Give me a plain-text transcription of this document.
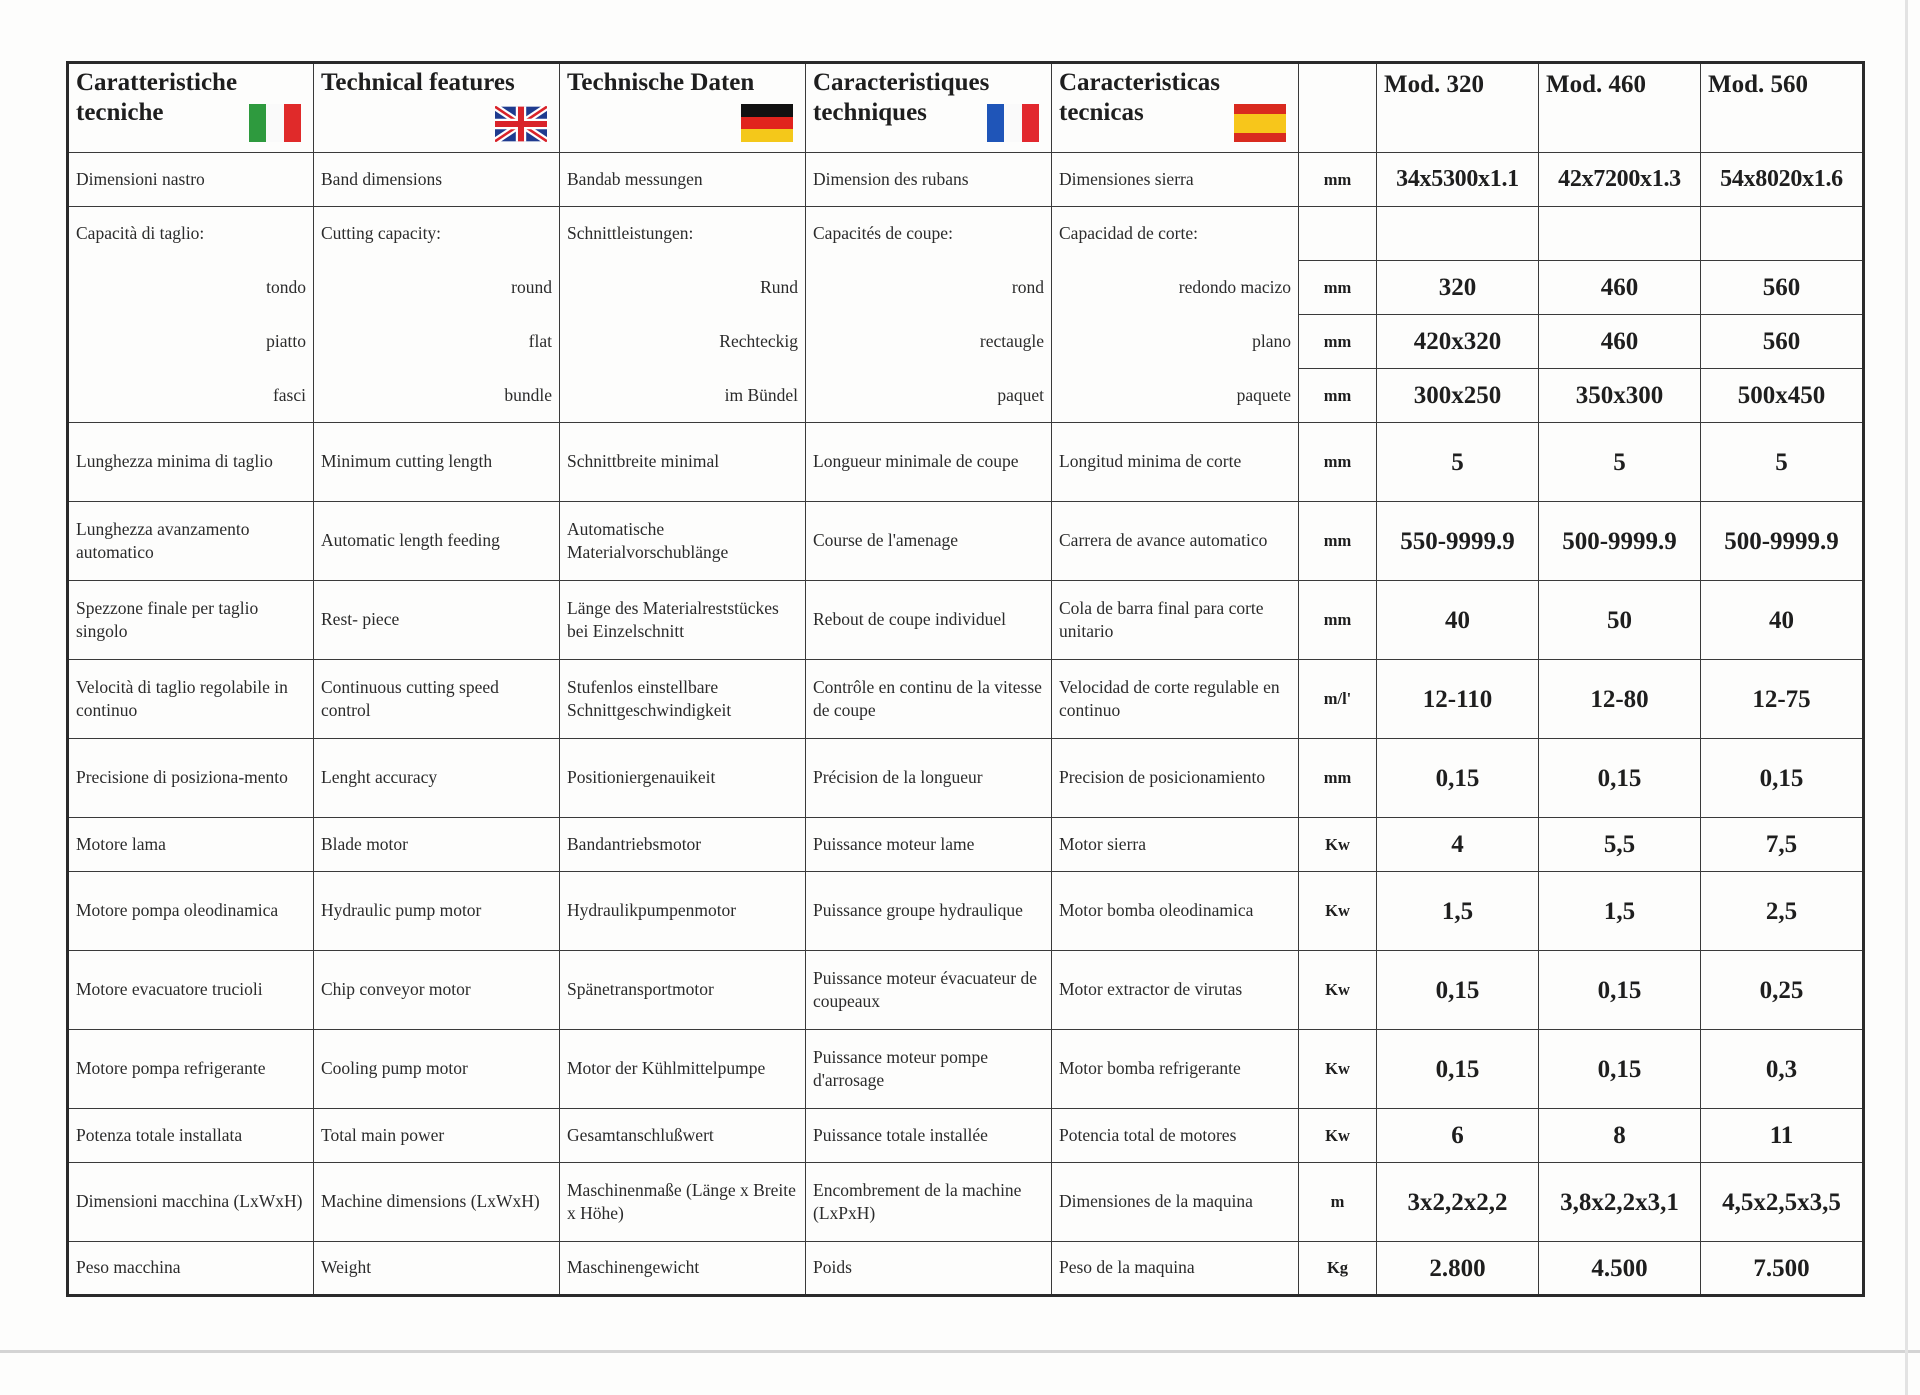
Caratteristiche tecniche	Technical features	Technische Daten	Caracteristiques techniques	Caracteristicas tecnicas		Mod. 320	Mod. 460	Mod. 560
Dimensioni nastro	Band dimensions	Bandab messungen	Dimension des rubans	Dimensiones sierra	mm	34x5300x1.1	42x7200x1.3	54x8020x1.6
Capacità di taglio:	Cutting capacity:	Schnittleistungen:	Capacités de coupe:	Capacidad de corte:				
tondo	round	Rund	rond	redondo macizo	mm	320	460	560
piatto	flat	Rechteckig	rectaugle	plano	mm	420x320	460	560
fasci	bundle	im Bündel	paquet	paquete	mm	300x250	350x300	500x450
Lunghezza minima di taglio	Minimum cutting length	Schnittbreite minimal	Longueur minimale de coupe	Longitud minima de corte	mm	5	5	5
Lunghezza avanzamento automatico	Automatic length feeding	Automatische Materialvorschublänge	Course de l'amenage	Carrera de avance automatico	mm	550-9999.9	500-9999.9	500-9999.9
Spezzone finale per taglio singolo	Rest- piece	Länge des Materialreststückes bei Einzelschnitt	Rebout de coupe individuel	Cola de barra final para corte unitario	mm	40	50	40
Velocità di taglio regolabile in continuo	Continuous cutting speed control	Stufenlos einstellbare Schnittgeschwindigkeit	Contrôle en continu de la vitesse de coupe	Velocidad de corte regulable en continuo	m/l'	12-110	12-80	12-75
Precisione di posiziona-mento	Lenght accuracy	Positioniergenauikeit	Précision de la longueur	Precision de posicionamiento	mm	0,15	0,15	0,15
Motore lama	Blade motor	Bandantriebsmotor	Puissance moteur lame	Motor sierra	Kw	4	5,5	7,5
Motore pompa oleodinamica	Hydraulic pump motor	Hydraulikpumpenmotor	Puissance groupe hydraulique	Motor bomba oleodinamica	Kw	1,5	1,5	2,5
Motore evacuatore trucioli	Chip conveyor motor	Spänetransportmotor	Puissance moteur évacuateur de coupeaux	Motor extractor de virutas	Kw	0,15	0,15	0,25
Motore pompa refrigerante	Cooling pump motor	Motor der Kühlmittelpumpe	Puissance moteur pompe d'arrosage	Motor bomba refrigerante	Kw	0,15	0,15	0,3
Potenza totale installata	Total main power	Gesamtanschlußwert	Puissance totale installée	Potencia total de motores	Kw	6	8	11
Dimensioni macchina (LxWxH)	Machine dimensions (LxWxH)	Maschinenmaße (Länge x Breite x Höhe)	Encombrement de la machine (LxPxH)	Dimensiones de la maquina	m	3x2,2x2,2	3,8x2,2x3,1	4,5x2,5x3,5
Peso macchina	Weight	Maschinengewicht	Poids	Peso de la maquina	Kg	2.800	4.500	7.500
